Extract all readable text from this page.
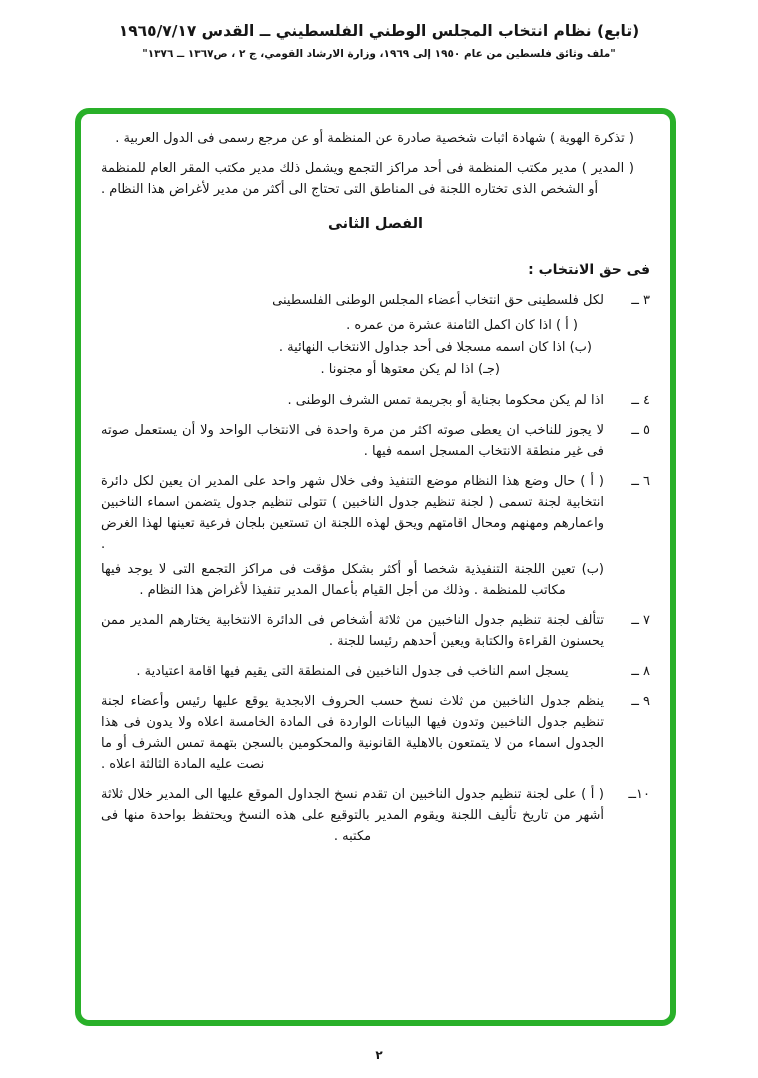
(تابع) نظام انتخاب المجلس الوطني الفلسطيني ــ القدس ١٩٦٥/٧/١٧
"ملف وثائق فلسطين من عام ١٩٥٠ إلى ١٩٦٩، وزارة الارشاد القومي، ج ٢ ، ص١٣٦٧ ــ ١٣٧٦"

( تذكرة الهوية ) شهادة اثبات شخصية صادرة عن المنظمة أو عن مرجع رسمى فى الدول العربية .

( المدير ) مدير مكتب المنظمة فى أحد مراكز التجمع ويشمل ذلك مدير مكتب المقر العام للمنظمة أو الشخص الذى تختاره اللجنة فى المناطق التى تحتاج الى أكثر من مدير لأغراض هذا النظام .

الفصل الثانى
فى حق الانتخاب :
٣ ــ

لكل فلسطينى حق انتخاب أعضاء المجلس الوطنى الفلسطينى

( أ ) اذا كان اكمل الثامنة عشرة من عمره .
(ب) اذا كان اسمه مسجلا فى أحد جداول الانتخاب النهائية .
(جـ) اذا لم يكن معتوها أو مجنونا .
٤ ــ

اذا لم يكن محكوما بجناية أو بجريمة تمس الشرف الوطنى .

٥ ــ

لا يجوز للناخب ان يعطى صوته اكثر من مرة واحدة فى الانتخاب الواحد ولا أن يستعمل صوته فى غير منطقة الانتخاب المسجل اسمه فيها .

٦ ــ

( أ ) حال وضع هذا النظام موضع التنفيذ وفى خلال شهر واحد على المدير ان يعين لكل دائرة انتخابية لجنة تسمى ( لجنة تنظيم جدول الناخبين ) تتولى تنظيم جدول يتضمن اسماء الناخبين واعمارهم ومهنهم ومحال اقامتهم ويحق لهذه اللجنة ان تستعين بلجان فرعية تعينها لهذا الغرض .

(ب) تعين اللجنة التنفيذية شخصا أو أكثر بشكل مؤقت فى مراكز التجمع التى لا يوجد فيها مكاتب للمنظمة . وذلك من أجل القيام بأعمال المدير تنفيذا لأغراض هذا النظام .

٧ ــ

تتألف لجنة تنظيم جدول الناخبين من ثلاثة أشخاص فى الدائرة الانتخابية يختارهم المدير ممن يحسنون القراءة والكتابة ويعين أحدهم رئيسا للجنة .

٨ ــ

يسجل اسم الناخب فى جدول الناخبين فى المنطقة التى يقيم فيها اقامة اعتيادية .

٩ ــ

ينظم جدول الناخبين من ثلاث نسخ حسب الحروف الابجدية يوقع عليها رئيس وأعضاء لجنة تنظيم جدول الناخبين وتدون فيها البيانات الواردة فى المادة الخامسة اعلاه ولا يدون فى هذا الجدول اسماء من لا يتمتعون بالاهلية القانونية والمحكومين بالسجن بتهمة تمس الشرف أو ما نصت عليه المادة الثالثة اعلاه .

١٠ــ

( أ ) على لجنة تنظيم جدول الناخبين ان تقدم نسخ الجداول الموقع عليها الى المدير خلال ثلاثة أشهر من تاريخ تأليف اللجنة ويقوم المدير بالتوقيع على هذه النسخ ويحتفظ بواحدة منها فى مكتبه .

٢
